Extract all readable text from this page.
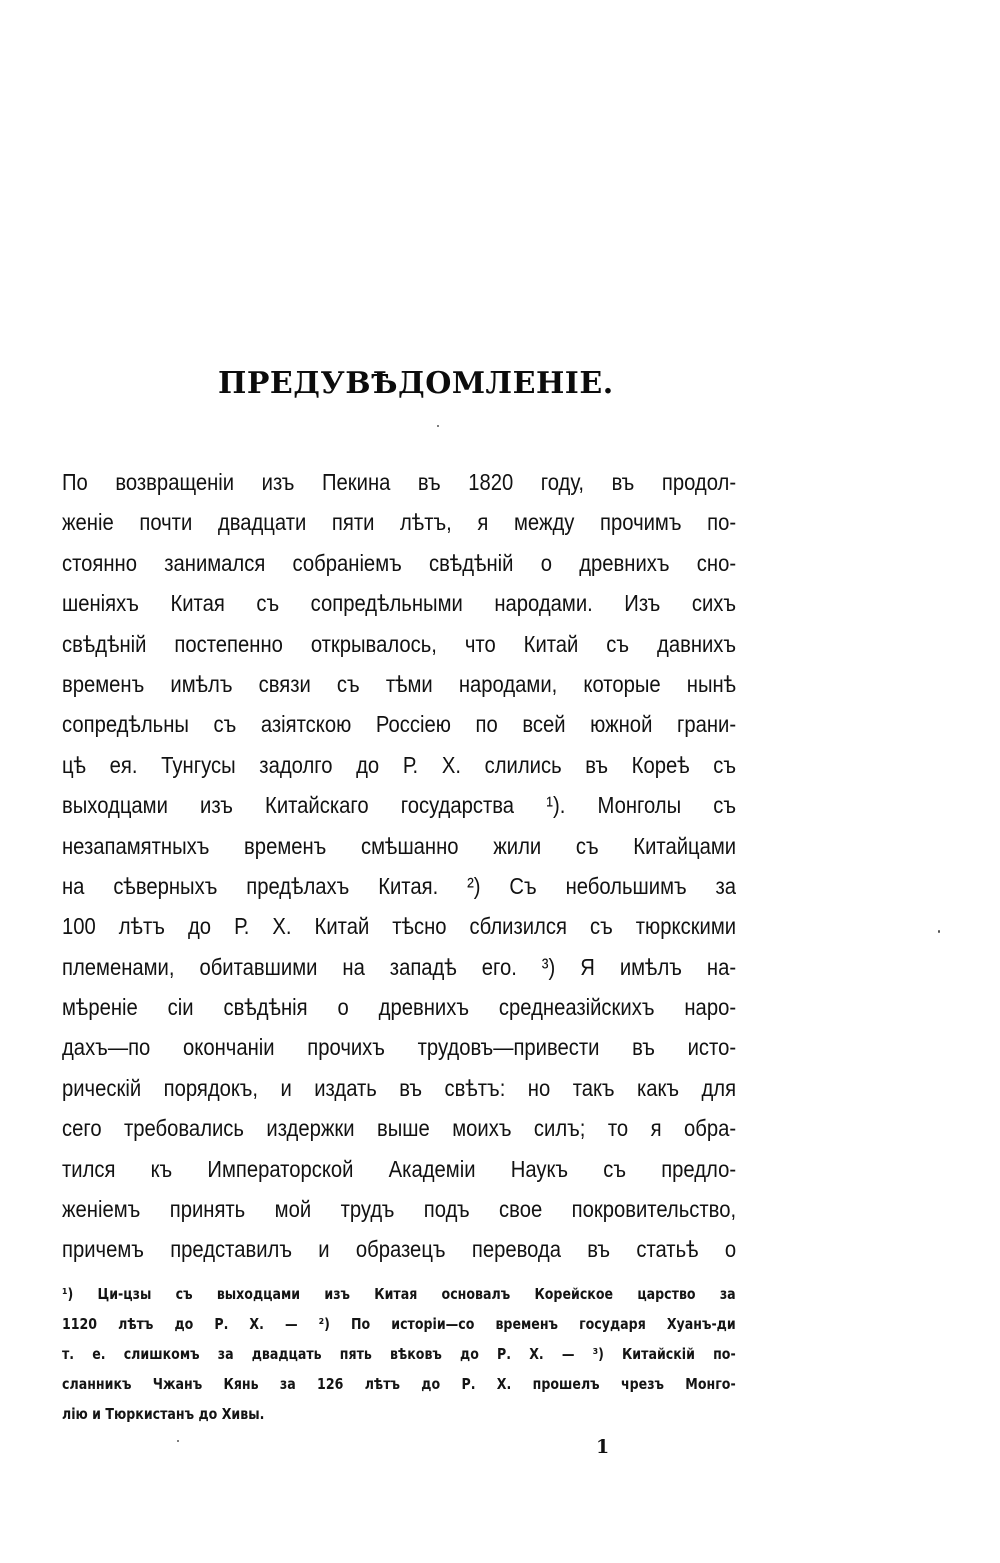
ПРЕДУВѢДОМЛЕНІЕ.
По возвращеніи изъ Пекина въ 1820 году, въ продол-
женіе почти двадцати пяти лѣтъ, я между прочимъ по-
стоянно занимался собраніемъ свѣдѣній о древнихъ сно-
шеніяхъ Китая съ сопредѣльными народами. Изъ сихъ
свѣдѣній постепенно открывалось, что Китай съ давнихъ
временъ имѣлъ связи съ тѣми народами, которые нынѣ
сопредѣльны съ азіятскою Россіею по всей южной грани-
цѣ ея. Тунгусы задолго до Р. Х. слились въ Кореѣ съ
выходцами изъ Китайскаго государства ¹). Монголы съ
незапамятныхъ временъ смѣшанно жили съ Китайцами
на сѣверныхъ предѣлахъ Китая. ²) Съ небольшимъ за
100 лѣтъ до Р. Х. Китай тѣсно сблизился съ тюркскими
племенами, обитавшими на западѣ его. ³) Я имѣлъ на-
мѣреніе сіи свѣдѣнія о древнихъ среднеазійскихъ наро-
дахъ—по окончаніи прочихъ трудовъ—привести въ исто-
рическій порядокъ, и издать въ свѣтъ: но такъ какъ для
сего требовались издержки выше моихъ силъ; то я обра-
тился къ Императорской Академіи Наукъ съ предло-
женіемъ принять мой трудъ подъ свое покровительство,
причемъ представилъ и образецъ перевода въ статьѣ о
¹) Ци-цзы съ выходцами изъ Китая основалъ Корейское царство за
1120 лѣтъ до Р. Х. — ²) По исторіи—со временъ государя Хуанъ-ди
т. е. слишкомъ за двадцать пять вѣковъ до Р. Х. — ³) Китайскій по-
сланникъ Чжанъ Кянь за 126 лѣтъ до Р. Х. прошелъ чрезъ Монго-
лію и Тюркистанъ до Хивы.
1
